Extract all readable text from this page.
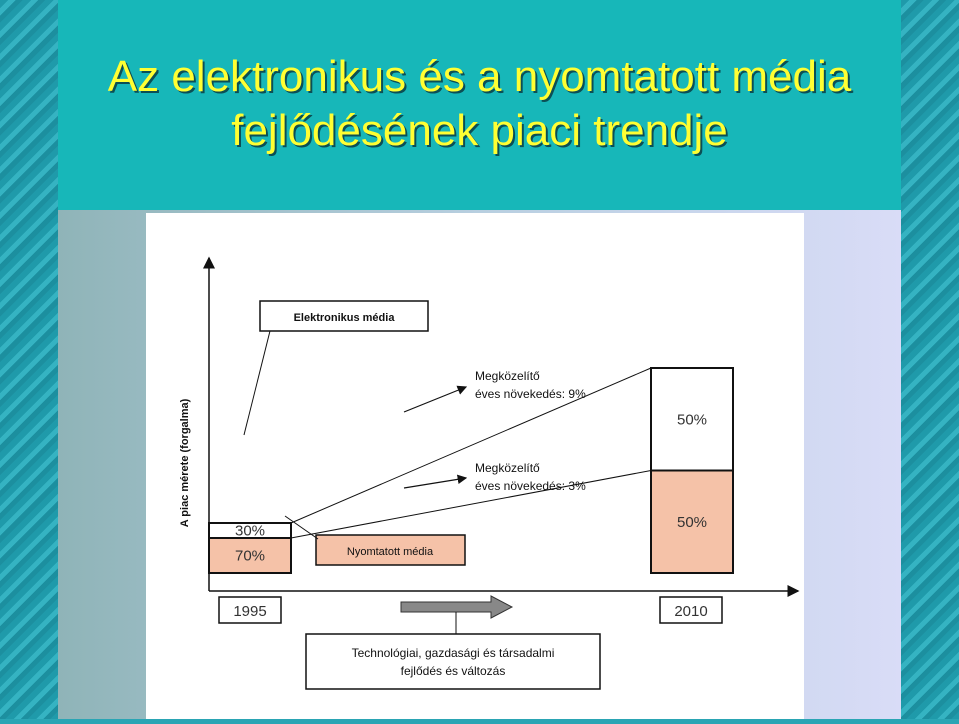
Az elektronikus és a nyomtatott média
fejlődésének piaci trendje
A piac mérete (forgalma)
30%
70%
50%
50%
1995	2010
Elektronikus média
Nyomtatott média
Megközelítő
éves növekedés: 9%
Megközelítő
éves növekedés: 3%
Technológiai, gazdasági és társadalmi
fejlődés és változás
